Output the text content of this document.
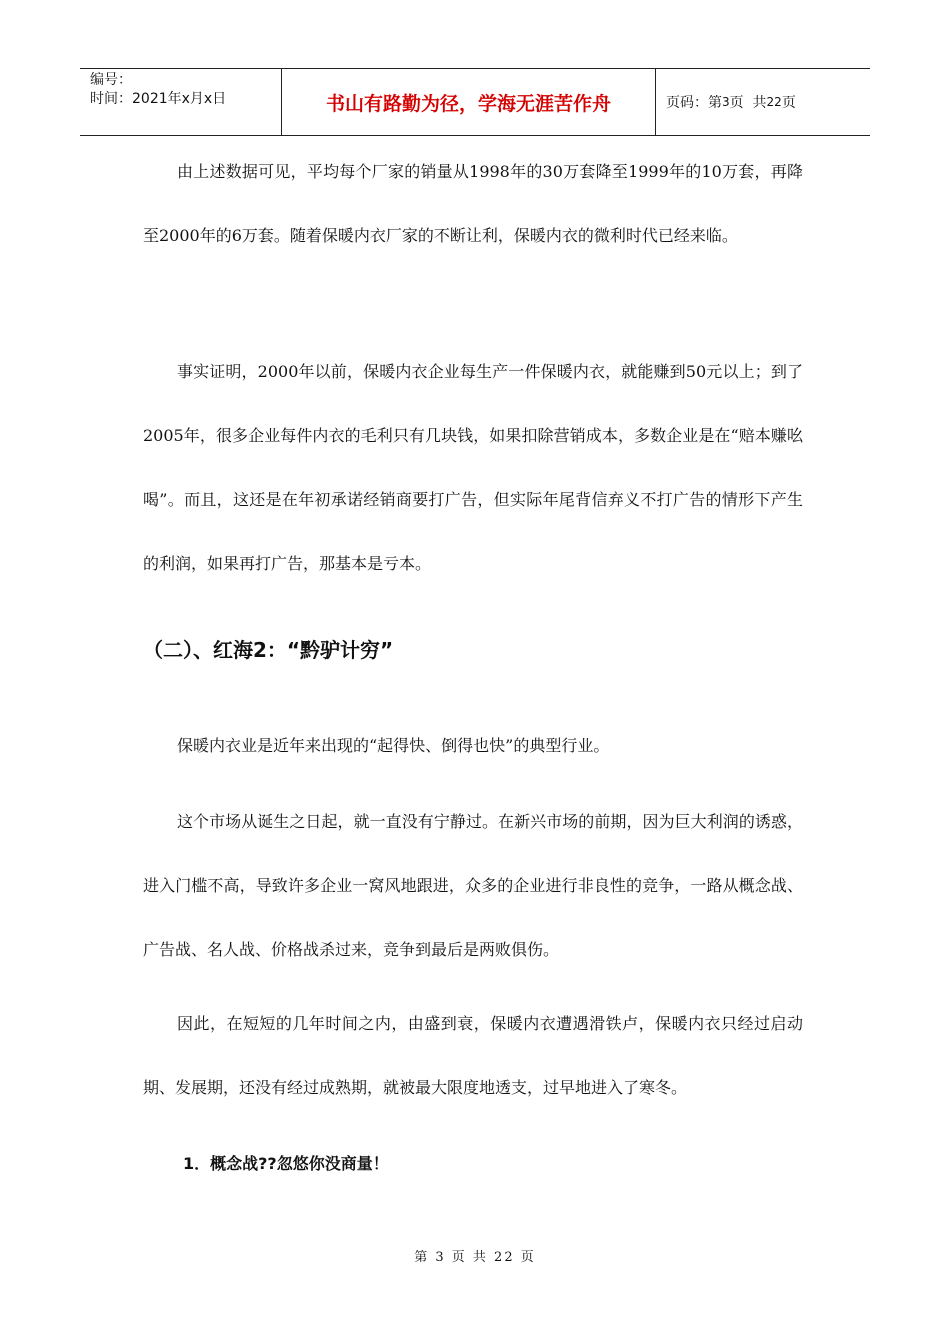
编号：
时间：2021年x月x日	书山有路勤为径，学海无涯苦作舟	页码：第 3 页  共 22 页

由上述数据可见，平均每个厂家的销量从1998年的30万套降至1999年的10万套，再降至2000年的6万套。随着保暖内衣厂家的不断让利，保暖内衣的微利时代已经来临。

事实证明，2000年以前，保暖内衣企业每生产一件保暖内衣，就能赚到50元以上；到了2005年，很多企业每件内衣的毛利只有几块钱，如果扣除营销成本，多数企业是在“赔本赚吆喝”。而且，这还是在年初承诺经销商要打广告，但实际年尾背信弃义不打广告的情形下产生的利润，如果再打广告，那基本是亏本。

（二）、红海2：“黔驴计穷”

保暖内衣业是近年来出现的“起得快、倒得也快”的典型行业。

这个市场从诞生之日起，就一直没有宁静过。在新兴市场的前期，因为巨大利润的诱惑，进入门槛不高，导致许多企业一窝风地跟进，众多的企业进行非良性的竞争，一路从概念战、广告战、名人战、价格战杀过来，竞争到最后是两败俱伤。

因此，在短短的几年时间之内，由盛到衰，保暖内衣遭遇滑铁卢，保暖内衣只经过启动期、发展期，还没有经过成熟期，就被最大限度地透支，过早地进入了寒冬。

1．概念战??忽悠你没商量！
第 3 页 共 22 页
